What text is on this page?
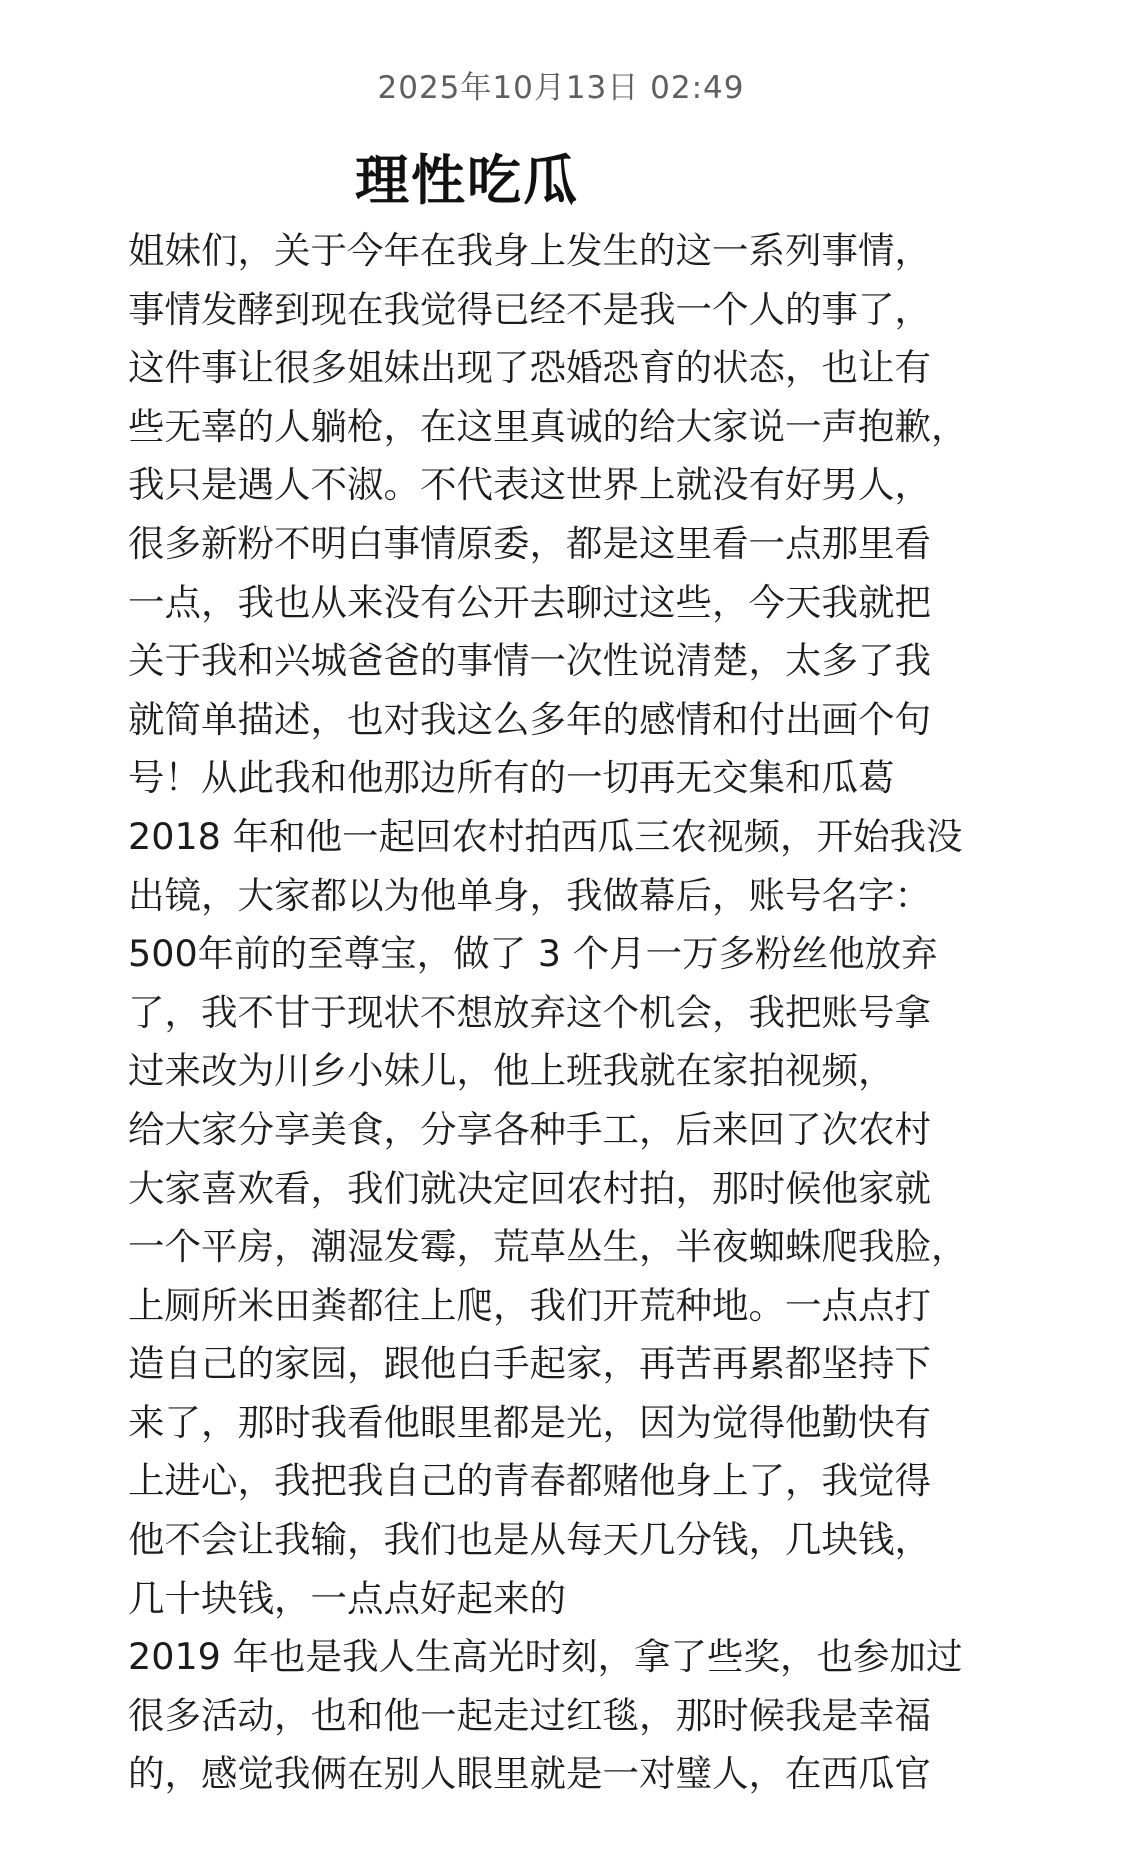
2025年10月13日 02:49
理性吃瓜
姐妹们，关于今年在我身上发生的这一系列事情，
事情发酵到现在我觉得已经不是我一个人的事了，
这件事让很多姐妹出现了恐婚恐育的状态，也让有
些无辜的人躺枪，在这里真诚的给大家说一声抱歉，
我只是遇人不淑。不代表这世界上就没有好男人，
很多新粉不明白事情原委，都是这里看一点那里看
一点，我也从来没有公开去聊过这些，今天我就把
关于我和兴城爸爸的事情一次性说清楚，太多了我
就简单描述，也对我这么多年的感情和付出画个句
号！从此我和他那边所有的一切再无交集和瓜葛
2018 年和他一起回农村拍西瓜三农视频，开始我没
出镜，大家都以为他单身，我做幕后，账号名字：
500年前的至尊宝，做了 3 个月一万多粉丝他放弃
了，我不甘于现状不想放弃这个机会，我把账号拿
过来改为川乡小妹儿，他上班我就在家拍视频，
给大家分享美食，分享各种手工，后来回了次农村
大家喜欢看，我们就决定回农村拍，那时候他家就
一个平房，潮湿发霉，荒草丛生，半夜蜘蛛爬我脸，
上厕所米田粪都往上爬，我们开荒种地。一点点打
造自己的家园，跟他白手起家，再苦再累都坚持下
来了，那时我看他眼里都是光，因为觉得他勤快有
上进心，我把我自己的青春都赌他身上了，我觉得
他不会让我输，我们也是从每天几分钱，几块钱，
几十块钱，一点点好起来的
2019 年也是我人生高光时刻，拿了些奖，也参加过
很多活动，也和他一起走过红毯，那时候我是幸福
的，感觉我俩在别人眼里就是一对璧人，在西瓜官
